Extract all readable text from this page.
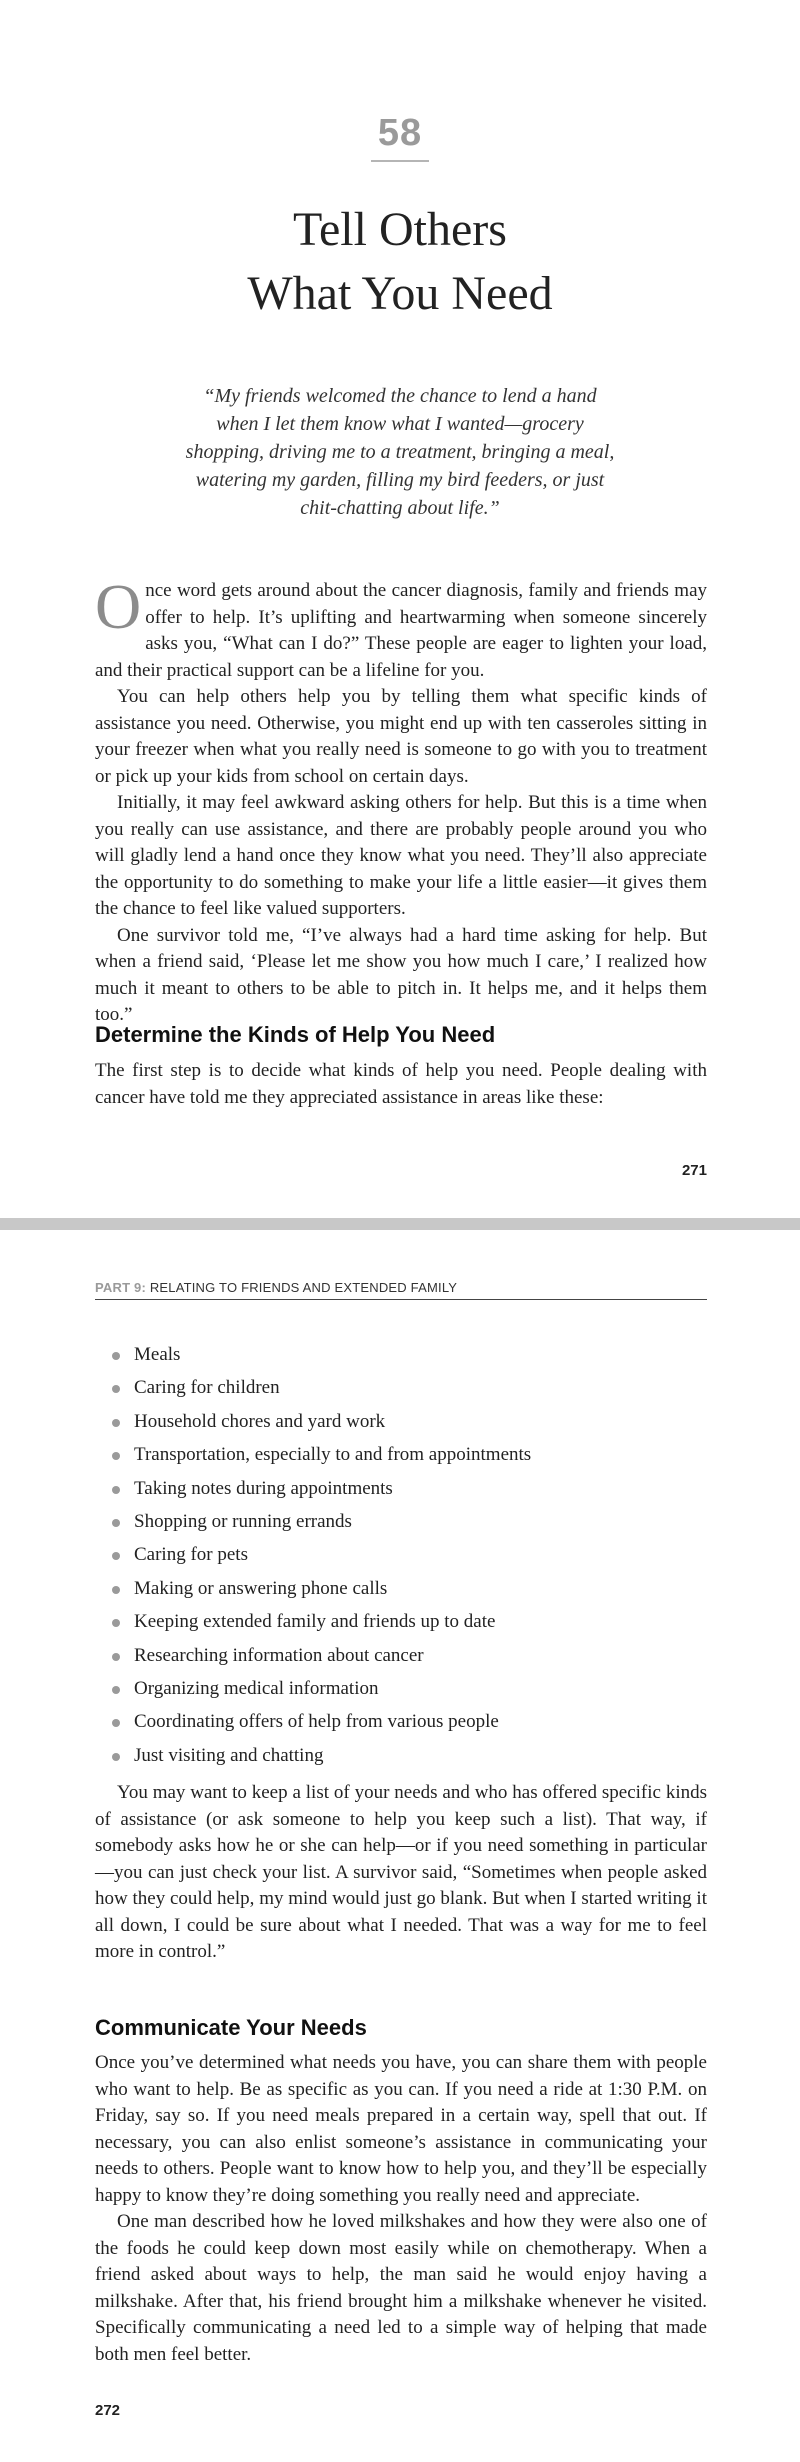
58
Tell Others
What You Need
“My friends welcomed the chance to lend a hand when I let them know what I wanted—grocery shopping, driving me to a treatment, bringing a meal, watering my garden, filling my bird feeders, or just chit-chatting about life.”

Once word gets around about the cancer diagnosis, family and friends may offer to help. It’s uplifting and heartwarming when someone sincerely asks you, “What can I do?” These people are eager to lighten your load, and their practical support can be a lifeline for you.

You can help others help you by telling them what specific kinds of assistance you need. Otherwise, you might end up with ten casseroles sitting in your freezer when what you really need is someone to go with you to treatment or pick up your kids from school on certain days.

Initially, it may feel awkward asking others for help. But this is a time when you really can use assistance, and there are probably people around you who will gladly lend a hand once they know what you need. They’ll also appreciate the opportunity to do something to make your life a little easier—it gives them the chance to feel like valued supporters.

One survivor told me, “I’ve always had a hard time asking for help. But when a friend said, ‘Please let me show you how much I care,’ I realized how much it meant to others to be able to pitch in. It helps me, and it helps them too.”

Determine the Kinds of Help You Need

The first step is to decide what kinds of help you need. People dealing with cancer have told me they appreciated assistance in areas like these:

271
PART 9: RELATING TO FRIENDS AND EXTENDED FAMILY
Meals
Caring for children
Household chores and yard work
Transportation, especially to and from appointments
Taking notes during appointments
Shopping or running errands
Caring for pets
Making or answering phone calls
Keeping extended family and friends up to date
Researching information about cancer
Organizing medical information
Coordinating offers of help from various people
Just visiting and chatting

You may want to keep a list of your needs and who has offered specific kinds of assistance (or ask someone to help you keep such a list). That way, if somebody asks how he or she can help—or if you need something in particular—you can just check your list. A survivor said, “Sometimes when people asked how they could help, my mind would just go blank. But when I started writing it all down, I could be sure about what I needed. That was a way for me to feel more in control.”

Communicate Your Needs

Once you’ve determined what needs you have, you can share them with people who want to help. Be as specific as you can. If you need a ride at 1:30 P.M. on Friday, say so. If you need meals prepared in a certain way, spell that out. If necessary, you can also enlist someone’s assistance in communicating your needs to others. People want to know how to help you, and they’ll be especially happy to know they’re doing something you really need and appreciate.

One man described how he loved milkshakes and how they were also one of the foods he could keep down most easily while on chemotherapy. When a friend asked about ways to help, the man said he would enjoy having a milkshake. After that, his friend brought him a milkshake whenever he visited. Specifically communicating a need led to a simple way of helping that made both men feel better.

272
